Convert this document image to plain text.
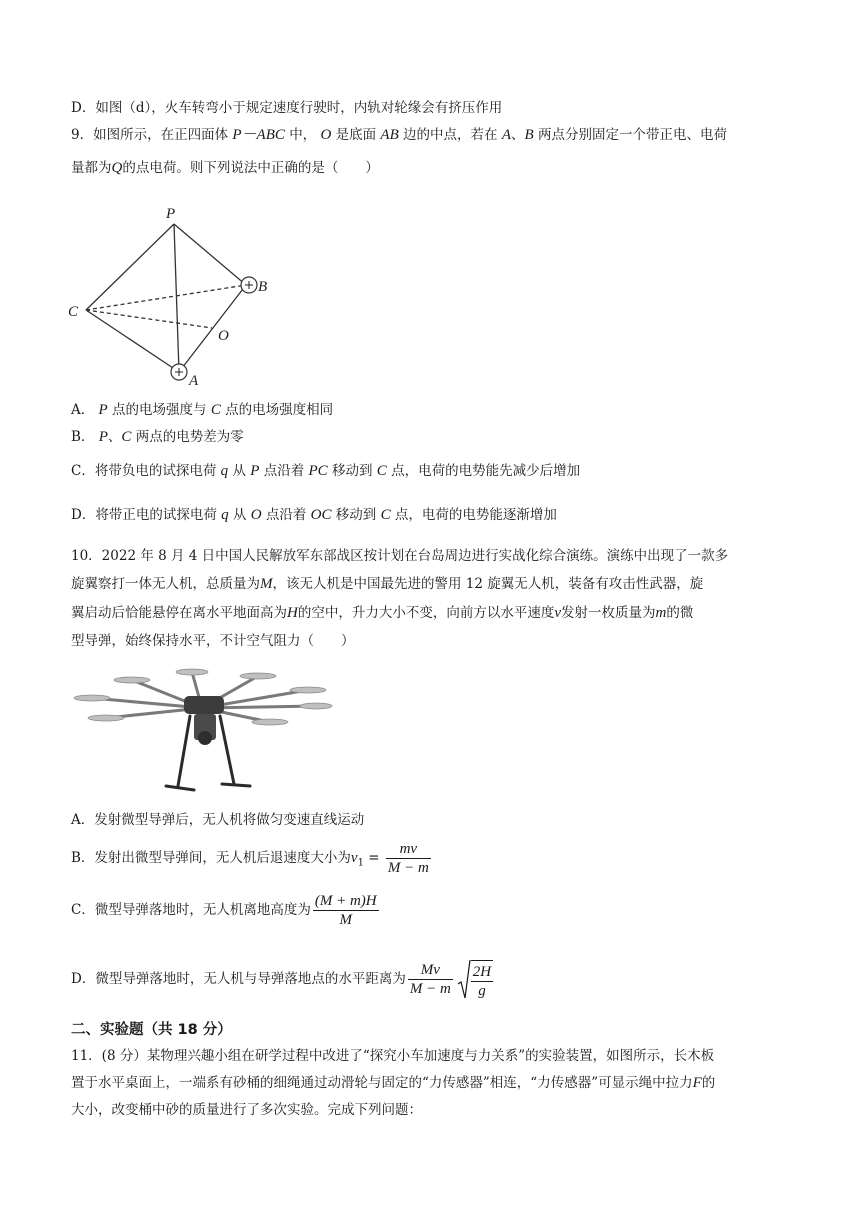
D．如图（d），火车转弯小于规定速度行驶时，内轨对轮缘会有挤压作用
9．如图所示，在正四面体 P－ABC 中， O 是底面 AB 边的中点，若在 A、B 两点分别固定一个带正电、电荷
量都为Q的点电荷。则下列说法中正确的是（　　）
P
B
C
O
A
A． P 点的电场强度与 C 点的电场强度相同
B． P、C 两点的电势差为零
C．将带负电的试探电荷 q 从 P 点沿着 PC 移动到 C 点，电荷的电势能先减少后增加
D．将带正电的试探电荷 q 从 O 点沿着 OC 移动到 C 点，电荷的电势能逐渐增加
10．2022 年 8 月 4 日中国人民解放军东部战区按计划在台岛周边进行实战化综合演练。演练中出现了一款多
旋翼察打一体无人机，总质量为M，该无人机是中国最先进的警用 12 旋翼无人机，装备有攻击性武器，旋
翼启动后恰能悬停在离水平地面高为H的空中，升力大小不变，向前方以水平速度v发射一枚质量为m的微
型导弹，始终保持水平，不计空气阻力（　　）
A．发射微型导弹后，无人机将做匀变速直线运动
B．发射出微型导弹间，无人机后退速度大小为$v_1 = \frac{mv}{M - m}$
C．微型导弹落地时，无人机离地高度为 $\frac{(M + m)H}{M}$
D．微型导弹落地时，无人机与导弹落地点的水平距离为 $\frac{Mv}{M - m} \frac{2H}{g}$
二、实验题（共 18 分）
11．(8 分）某物理兴趣小组在研学过程中改进了“探究小车加速度与力关系”的实验装置，如图所示，长木板
置于水平桌面上，一端系有砂桶的细绳通过动滑轮与固定的“力传感器”相连，“力传感器”可显示绳中拉力F的
大小，改变桶中砂的质量进行了多次实验。完成下列问题：
